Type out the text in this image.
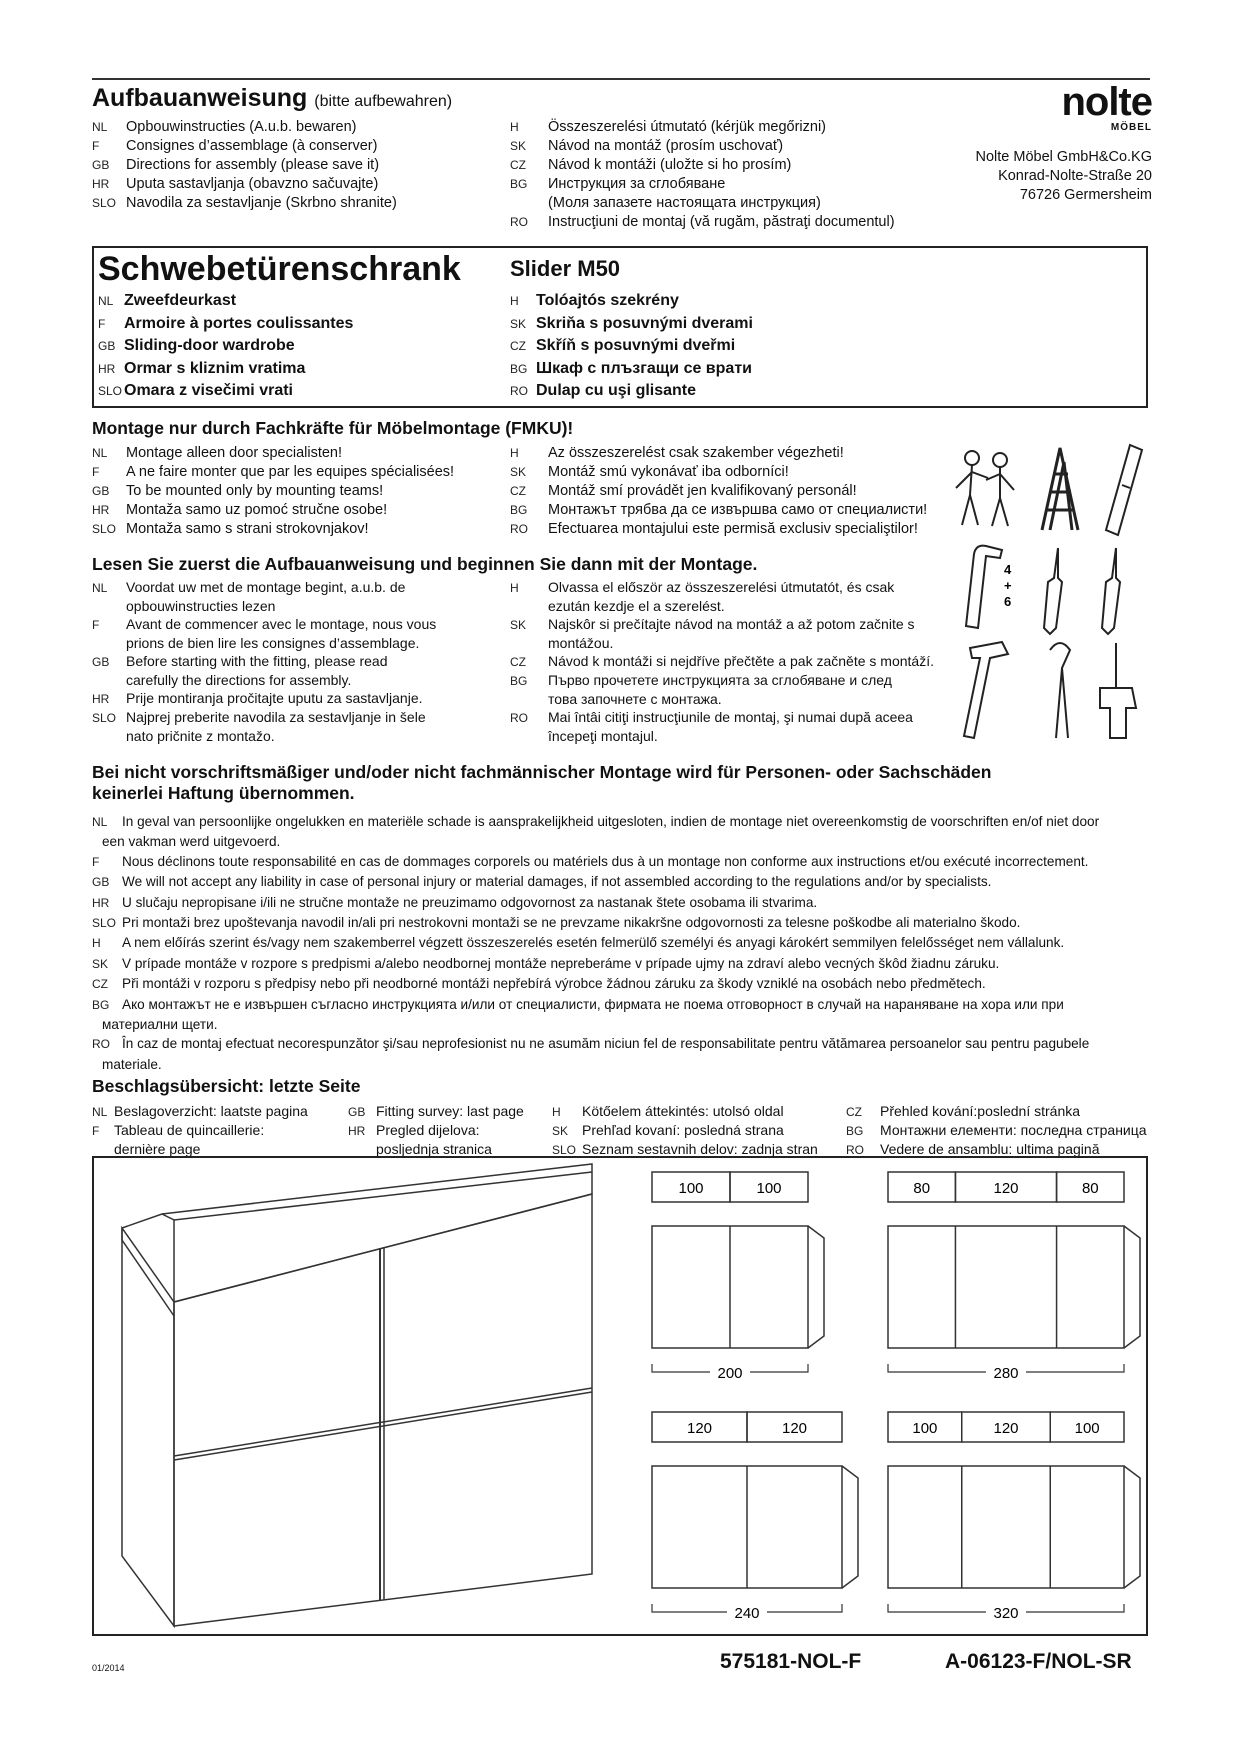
Aufbauanweisung (bitte aufbewahren)
NL Opbouwinstructies (A.u.b. bewaren)
F Consignes d’assemblage (à conserver)
GB Directions for assembly (please save it)
HR Uputa sastavljanja (obavzno sačuvajte)
SLO Navodila za sestavljanje (Skrbno shranite)
H Összeszerelési útmutató (kérjük megőrizni)
SK Návod na montáž (prosím uschovať)
CZ Návod k montáži (uložte si ho prosím)
BG Инструкция за сглобяване
(Моля запазете настоящата инструкция)
RO Instrucţiuni de montaj (vă rugăm, păstraţi documentul)
nolte
MÖBEL
Nolte Möbel GmbH&Co.KG
Konrad-Nolte-Straße 20
76726 Germersheim
Schwebetürenschrank Slider M50
NL Zweefdeurkast
F Armoire à portes coulissantes
GB Sliding-door wardrobe
HR Ormar s kliznim vratima
SLO Omara z visečimi vrati
H Tolóajtós szekrény
SK Skriňa s posuvnými dverami
CZ Skříň s posuvnými dveřmi
BG Шкаф с плъзгащи се врати
RO Dulap cu uşi glisante
Montage nur durch Fachkräfte für Möbelmontage (FMKU)!
NL Montage alleen door specialisten!
F A ne faire monter que par les equipes spécialisées!
GB To be mounted only by mounting teams!
HR Montaža samo uz pomoć stručne osobe!
SLO Montaža samo s strani strokovnjakov!
H Az összeszerelést csak szakember végezheti!
SK Montáž smú vykonávať iba odborníci!
CZ Montáž smí provádět jen kvalifikovaný personál!
BG Монтажът трябва да се извършва само от специалисти!
RO Efectuarea montajului este permisă exclusiv specialiştilor!
Lesen Sie zuerst die Aufbauanweisung und beginnen Sie dann mit der Montage.
NL Voordat uw met de montage begint, a.u.b. de
opbouwinstructies lezen
F Avant de commencer avec le montage, nous vous
prions de bien lire les consignes d’assemblage.
GB Before starting with the fitting, please read
carefully the directions for assembly.
HR Prije montiranja pročitajte uputu za sastavljanje.
SLO Najprej preberite navodila za sestavljanje in šele
nato pričnite z montažo.
H Olvassa el először az összeszerelési útmutatót, és csak
ezután kezdje el a szerelést.
SK Najskôr si prečítajte návod na montáž a až potom začnite s
montážou.
CZ Návod k montáži si nejdříve přečtěte a pak začněte s montáží.
BG Първо прочетете инструкцията за сглобяване и след
това започнете с монтажа.
RO Mai întâi citiţi instrucţiunile de montaj, şi numai după aceea
începeţi montajul.
4
+
6
Bei nicht vorschriftsmäßiger und/oder nicht fachmännischer Montage wird für Personen- oder Sachschäden
keinerlei Haftung übernommen.
NL In geval van persoonlijke ongelukken en materiële schade is aansprakelijkheid uitgesloten, indien de montage niet overeenkomstig de voorschriften en/of niet door
een vakman werd uitgevoerd.
F Nous déclinons toute responsabilité en cas de dommages corporels ou matériels dus à un montage non conforme aux instructions et/ou exécuté incorrectement.
GB We will not accept any liability in case of personal injury or material damages, if not assembled according to the regulations and/or by specialists.
HR U slučaju nepropisane i/ili ne stručne montaže ne preuzimamo odgovornost za nastanak štete osobama ili stvarima.
SLO Pri montaži brez upoštevanja navodil in/ali pri nestrokovni montaži se ne prevzame nikakršne odgovornosti za telesne poškodbe ali materialno škodo.
H A nem előírás szerint és/vagy nem szakemberrel végzett összeszerelés esetén felmerülő személyi és anyagi károkért semmilyen felelősséget nem vállalunk.
SK V prípade montáže v rozpore s predpismi a/alebo neodbornej montáže nepreberáme v prípade ujmy na zdraví alebo vecných škôd žiadnu záruku.
CZ Při montáži v rozporu s předpisy nebo při neodborné montáži nepřebírá výrobce žádnou záruku za škody vzniklé na osobách nebo předmětech.
BG Ако монтажът не е извършен съгласно инструкцията и/или от специалисти, фирмата не поема отговорност в случай на нараняване на хора или при
материални щети.
RO În caz de montaj efectuat necorespunzător şi/sau neprofesionist nu ne asumăm niciun fel de responsabilitate pentru vătămarea persoanelor sau pentru pagubele
materiale.
Beschlagsübersicht: letzte Seite
NL Beslagoverzicht: laatste pagina
F Tableau de quincaillerie:
dernière page
GB Fitting survey: last page
HR Pregled dijelova:
posljednja stranica
H Kötőelem áttekintés: utolsó oldal
SK Prehľad kovaní: posledná strana
SLO Seznam sestavnih delov: zadnja stran
CZ Přehled kování:poslední stránka
BG Монтажни елементи: последна страница
RO Vedere de ansamblu: ultima pagină
100	100
200
80	120	80
280
120	120
240
100	120	100
320
01/2014	575181-NOL-F	A-06123-F/NOL-SR
